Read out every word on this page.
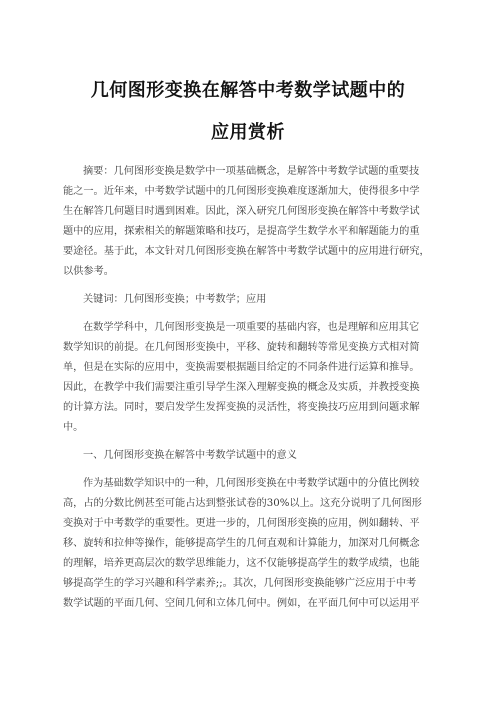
几何图形变换在解答中考数学试题中的
应用赏析
摘要：几何图形变换是数学中一项基础概念，是解答中考数学试题的重要技
能之一。近年来，中考数学试题中的几何图形变换难度逐渐加大，使得很多中学
生在解答几何题目时遇到困难。因此，深入研究几何图形变换在解答中考数学试
题中的应用，探索相关的解题策略和技巧，是提高学生数学水平和解题能力的重
要途径。基于此，本文针对几何图形变换在解答中考数学试题中的应用进行研究，
以供参考。
关键词：几何图形变换；中考数学；应用
在数学学科中，几何图形变换是一项重要的基础内容，也是理解和应用其它
数学知识的前提。在几何图形变换中，平移、旋转和翻转等常见变换方式相对简
单，但是在实际的应用中，变换需要根据题目给定的不同条件进行运算和推导。
因此，在教学中我们需要注重引导学生深入理解变换的概念及实质，并教授变换
的计算方法。同时，要启发学生发挥变换的灵活性，将变换技巧应用到问题求解
中。
一、几何图形变换在解答中考数学试题中的意义
作为基础数学知识中的一种，几何图形变换在中考数学试题中的分值比例较
高，占的分数比例甚至可能占达到整张试卷的30%以上。这充分说明了几何图形
变换对于中考数学的重要性。更进一步的，几何图形变换的应用，例如翻转、平
移、旋转和拉伸等操作，能够提高学生的几何直观和计算能力，加深对几何概念
的理解，培养更高层次的数学思维能力，这不仅能够提高学生的数学成绩，也能
够提高学生的学习兴趣和科学素养;;。其次，几何图形变换能够广泛应用于中考
数学试题的平面几何、空间几何和立体几何中。例如，在平面几何中可以运用平
